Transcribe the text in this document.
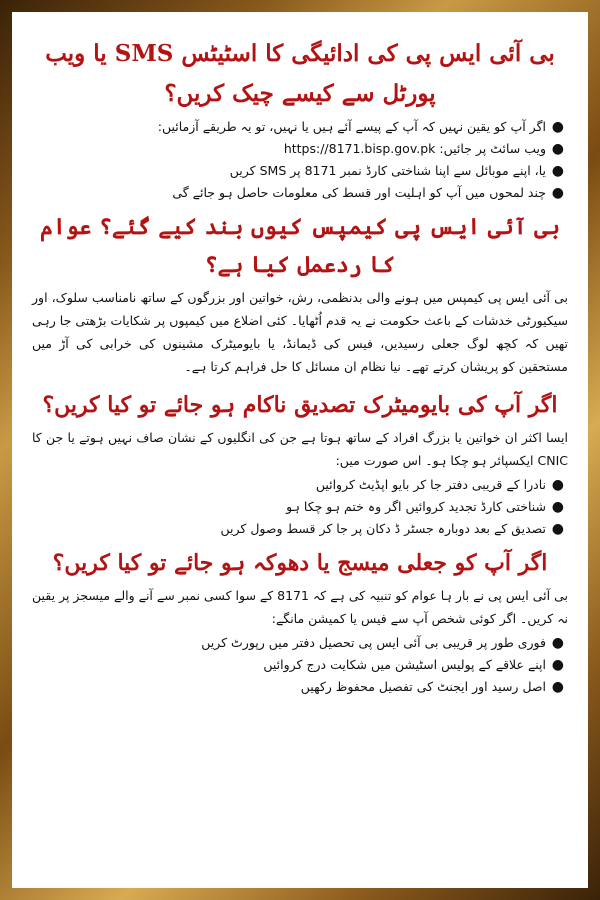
بی آئی ایس پی کی ادائیگی کا اسٹیٹس SMS یا ویب پورٹل سے کیسے چیک کریں؟
●
اگر آپ کو یقین نہیں کہ آپ کے پیسے آئے ہیں یا نہیں، تو یہ طریقے آزمائیں:
●
ویب سائٹ پر جائیں: https://8171.bisp.gov.pk
●
یا، اپنے موبائل سے اپنا شناختی کارڈ نمبر 8171 پر SMS کریں
●
چند لمحوں میں آپ کو اہلیت اور قسط کی معلومات حاصل ہو جائے گی
بی آئی ایس پی کیمپس کیوں بند کیے گئے؟ عوام کا ردعمل کیا ہے؟

بی آئی ایس پی کیمپس میں ہونے والی بدنظمی، رش، خواتین اور بزرگوں کے ساتھ نامناسب سلوک، اور سیکیورٹی خدشات کے باعث حکومت نے یہ قدم اُٹھایا۔ کئی اضلاع میں کیمپوں پر شکایات بڑھتی جا رہی تھیں کہ کچھ لوگ جعلی رسیدیں، فیس کی ڈیمانڈ، یا بایومیٹرک مشینوں کی خرابی کی آڑ میں مستحقین کو پریشان کرتے تھے۔ نیا نظام ان مسائل کا حل فراہم کرتا ہے۔

اگر آپ کی بایومیٹرک تصدیق ناکام ہو جائے تو کیا کریں؟

ایسا اکثر ان خواتین یا بزرگ افراد کے ساتھ ہوتا ہے جن کی انگلیوں کے نشان صاف نہیں ہوتے یا جن کا CNIC ایکسپائر ہو چکا ہو۔ اس صورت میں:

●
نادرا کے قریبی دفتر جا کر بایو اپڈیٹ کروائیں
●
شناختی کارڈ تجدید کروائیں اگر وہ ختم ہو چکا ہو
●
تصدیق کے بعد دوبارہ جسٹر ڈ دکان پر جا کر قسط وصول کریں
اگر آپ کو جعلی میسج یا دھوکہ ہو جائے تو کیا کریں؟

بی آئی ایس پی نے بار ہا عوام کو تنبیہ کی ہے کہ 8171 کے سوا کسی نمبر سے آنے والے میسجز پر یقین نہ کریں۔ اگر کوئی شخص آپ سے فیس یا کمیشن مانگے:

●
فوری طور پر قریبی بی آئی ایس پی تحصیل دفتر میں رپورٹ کریں
●
اپنے علاقے کے پولیس اسٹیشن میں شکایت درج کروائیں
●
اصل رسید اور ایجنٹ کی تفصیل محفوظ رکھیں
